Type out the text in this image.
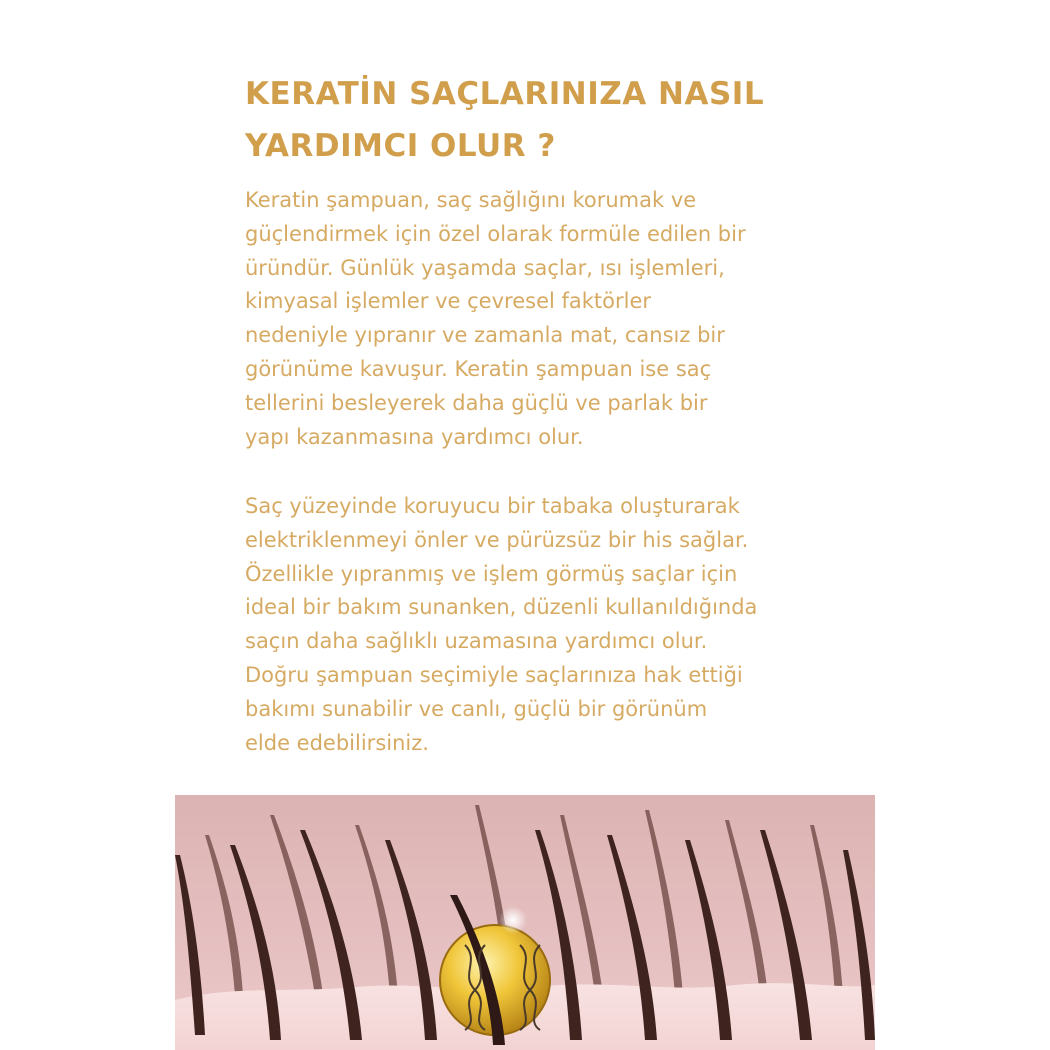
KERATİN SAÇLARINIZA NASIL
YARDIMCI OLUR ?

Keratin şampuan, saç sağlığını korumak ve
güçlendirmek için özel olarak formüle edilen bir
üründür. Günlük yaşamda saçlar, ısı işlemleri,
kimyasal işlemler ve çevresel faktörler
nedeniyle yıpranır ve zamanla mat, cansız bir
görünüme kavuşur. Keratin şampuan ise saç
tellerini besleyerek daha güçlü ve parlak bir
yapı kazanmasına yardımcı olur.

Saç yüzeyinde koruyucu bir tabaka oluşturarak
elektriklenmeyi önler ve pürüzsüz bir his sağlar.
Özellikle yıpranmış ve işlem görmüş saçlar için
ideal bir bakım sunanken, düzenli kullanıldığında
saçın daha sağlıklı uzamasına yardımcı olur.
Doğru şampuan seçimiyle saçlarınıza hak ettiği
bakımı sunabilir ve canlı, güçlü bir görünüm
elde edebilirsiniz.
